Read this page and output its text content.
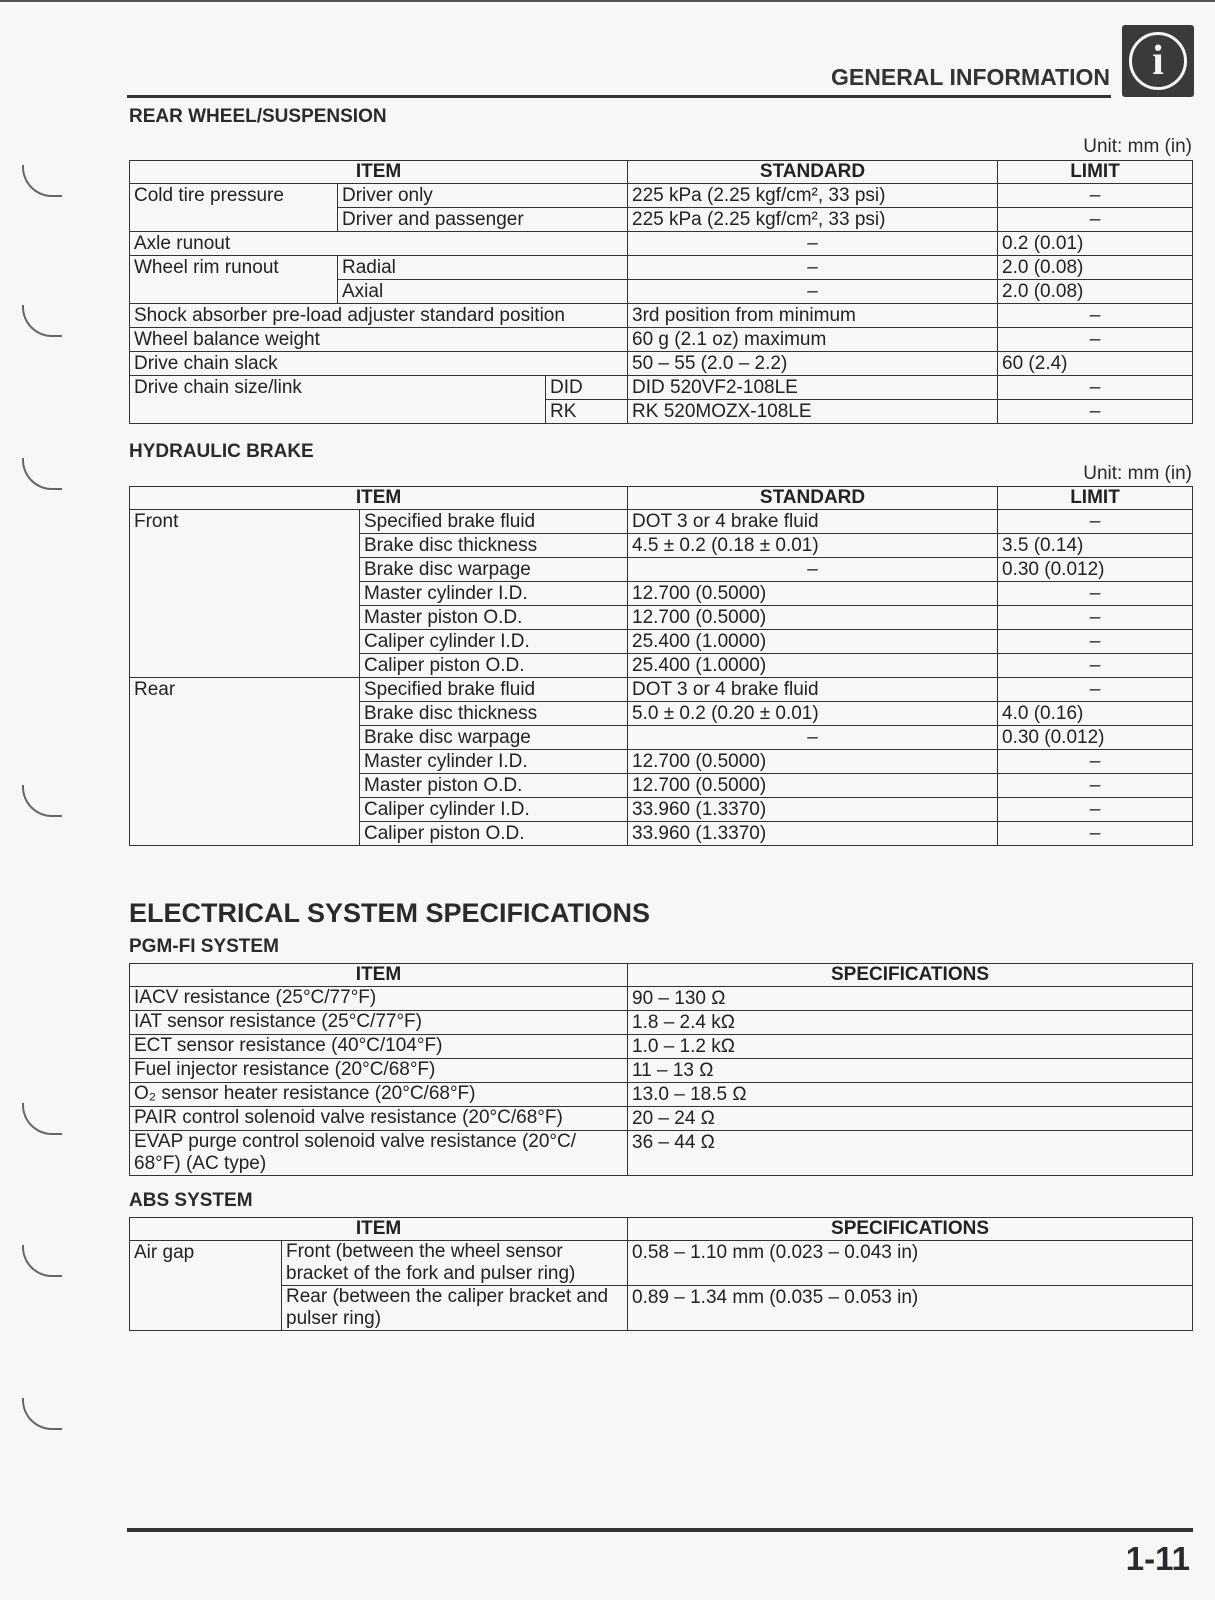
GENERAL INFORMATION	i
REAR WHEEL/SUSPENSION
Unit: mm (in)
ITEM			STANDARD	LIMIT
Cold tire pressure	Driver only		225 kPa (2.25 kgf/cm², 33 psi)	–
	Driver and passenger		225 kPa (2.25 kgf/cm², 33 psi)	–
Axle runout			–	0.2 (0.01)
Wheel rim runout	Radial		–	2.0 (0.08)
	Axial		–	2.0 (0.08)
Shock absorber pre-load adjuster standard position			3rd position from minimum	–
Wheel balance weight			60 g (2.1 oz) maximum	–
Drive chain slack			50 – 55 (2.0 – 2.2)	60 (2.4)
Drive chain size/link		DID	DID 520VF2-108LE	–
		RK	RK 520MOZX-108LE	–
HYDRAULIC BRAKE
Unit: mm (in)
ITEM		STANDARD	LIMIT
Front	Specified brake fluid	DOT 3 or 4 brake fluid	–
	Brake disc thickness	4.5 ± 0.2 (0.18 ± 0.01)	3.5 (0.14)
	Brake disc warpage	–	0.30 (0.012)
	Master cylinder I.D.	12.700 (0.5000)	–
	Master piston O.D.	12.700 (0.5000)	–
	Caliper cylinder I.D.	25.400 (1.0000)	–
	Caliper piston O.D.	25.400 (1.0000)	–
Rear	Specified brake fluid	DOT 3 or 4 brake fluid	–
	Brake disc thickness	5.0 ± 0.2 (0.20 ± 0.01)	4.0 (0.16)
	Brake disc warpage	–	0.30 (0.012)
	Master cylinder I.D.	12.700 (0.5000)	–
	Master piston O.D.	12.700 (0.5000)	–
	Caliper cylinder I.D.	33.960 (1.3370)	–
	Caliper piston O.D.	33.960 (1.3370)	–
ELECTRICAL SYSTEM SPECIFICATIONS
PGM-FI SYSTEM
ITEM	SPECIFICATIONS
IACV resistance (25°C/77°F)	90 – 130 Ω
IAT sensor resistance (25°C/77°F)	1.8 – 2.4 kΩ
ECT sensor resistance (40°C/104°F)	1.0 – 1.2 kΩ
Fuel injector resistance (20°C/68°F)	11 – 13 Ω
O₂ sensor heater resistance (20°C/68°F)	13.0 – 18.5 Ω
PAIR control solenoid valve resistance (20°C/68°F)	20 – 24 Ω
EVAP purge control solenoid valve resistance (20°C/ 68°F) (AC type)	36 – 44 Ω
ABS SYSTEM
ITEM		SPECIFICATIONS
Air gap	Front (between the wheel sensor bracket of the fork and pulser ring)	0.58 – 1.10 mm (0.023 – 0.043 in)
	Rear (between the caliper bracket and pulser ring)	0.89 – 1.34 mm (0.035 – 0.053 in)
1-11
